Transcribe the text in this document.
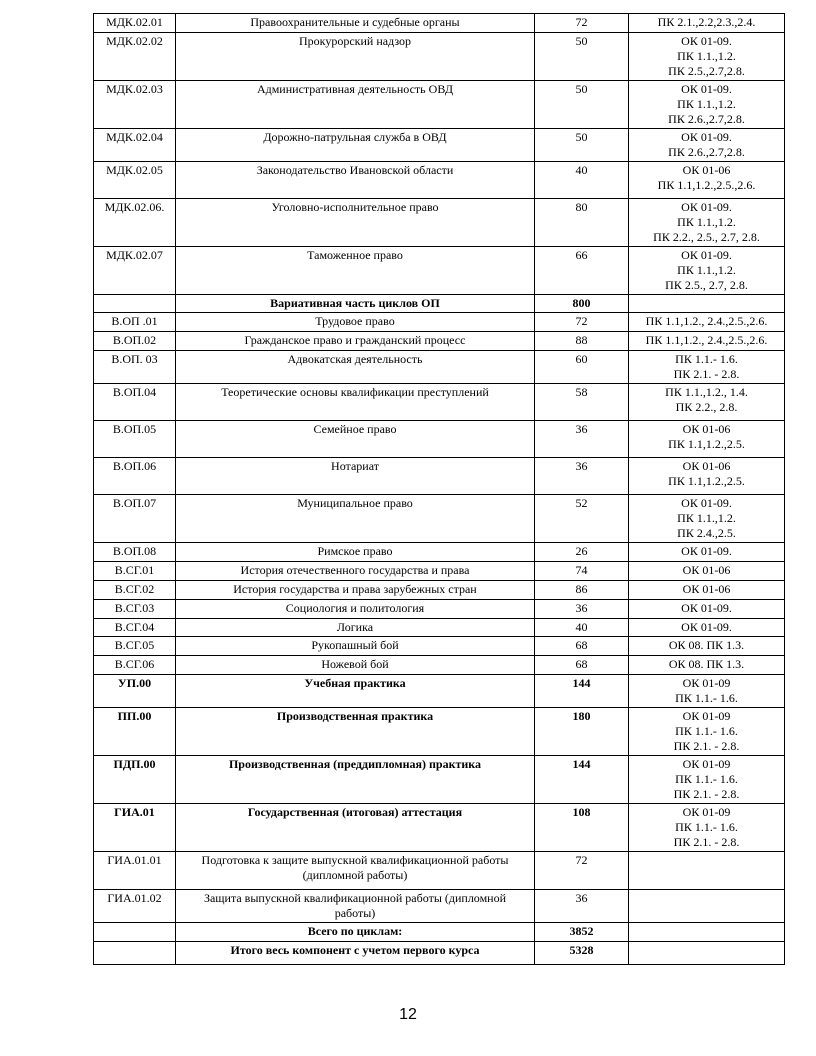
МДК.02.01	Правоохранительные и судебные органы	72	ПК 2.1.,2.2,2.3.,2.4.
МДК.02.02	Прокурорский надзор	50	ОК 01-09.
ПК 1.1.,1.2.
ПК 2.5.,2.7,2.8.
МДК.02.03	Административная деятельность ОВД	50	ОК 01-09.
ПК 1.1.,1.2.
ПК 2.6.,2.7,2.8.
МДК.02.04	Дорожно-патрульная служба в ОВД	50	ОК 01-09.
ПК 2.6.,2.7,2.8.
МДК.02.05	Законодательство Ивановской области	40	ОК 01-06
ПК 1.1,1.2.,2.5.,2.6.
МДК.02.06.	Уголовно-исполнительное право	80	ОК 01-09.
ПК 1.1.,1.2.
ПК 2.2., 2.5., 2.7, 2.8.
МДК.02.07	Таможенное право	66	ОК 01-09.
ПК 1.1.,1.2.
ПК 2.5., 2.7, 2.8.
	Вариативная часть циклов ОП	800	
В.ОП .01	Трудовое право	72	ПК 1.1,1.2., 2.4.,2.5.,2.6.
В.ОП.02	Гражданское право и гражданский процесс	88	ПК 1.1,1.2., 2.4.,2.5.,2.6.
В.ОП. 03	Адвокатская деятельность	60	ПК 1.1.- 1.6.
ПК 2.1. - 2.8.
В.ОП.04	Теоретические основы квалификации преступлений	58	ПК 1.1.,1.2., 1.4.
ПК 2.2., 2.8.
В.ОП.05	Семейное право	36	ОК 01-06
ПК 1.1,1.2.,2.5.
В.ОП.06	Нотариат	36	ОК 01-06
ПК 1.1,1.2.,2.5.
В.ОП.07	Муниципальное право	52	ОК 01-09.
ПК 1.1.,1.2.
ПК 2.4.,2.5.
В.ОП.08	Римское право	26	ОК 01-09.
В.СГ.01	История отечественного государства и права	74	ОК 01-06
В.СГ.02	История государства и права зарубежных стран	86	ОК 01-06
В.СГ.03	Социология и политология	36	ОК 01-09.
В.СГ.04	Логика	40	ОК 01-09.
В.СГ.05	Рукопашный бой	68	ОК 08. ПК 1.3.
В.СГ.06	Ножевой бой	68	ОК 08. ПК 1.3.
УП.00	Учебная практика	144	ОК 01-09
ПК 1.1.- 1.6.
ПП.00	Производственная практика	180	ОК 01-09
ПК 1.1.- 1.6.
ПК 2.1. - 2.8.
ПДП.00	Производственная (преддипломная) практика	144	ОК 01-09
ПК 1.1.- 1.6.
ПК 2.1. - 2.8.
ГИА.01	Государственная (итоговая) аттестация	108	ОК 01-09
ПК 1.1.- 1.6.
ПК 2.1. - 2.8.
ГИА.01.01	Подготовка к защите выпускной квалификационной работы
(дипломной работы)	72	
ГИА.01.02	Защита выпускной квалификационной работы (дипломной
работы)	36	
	Всего по циклам:	3852	
	Итого весь компонент с учетом первого курса	5328	
12
